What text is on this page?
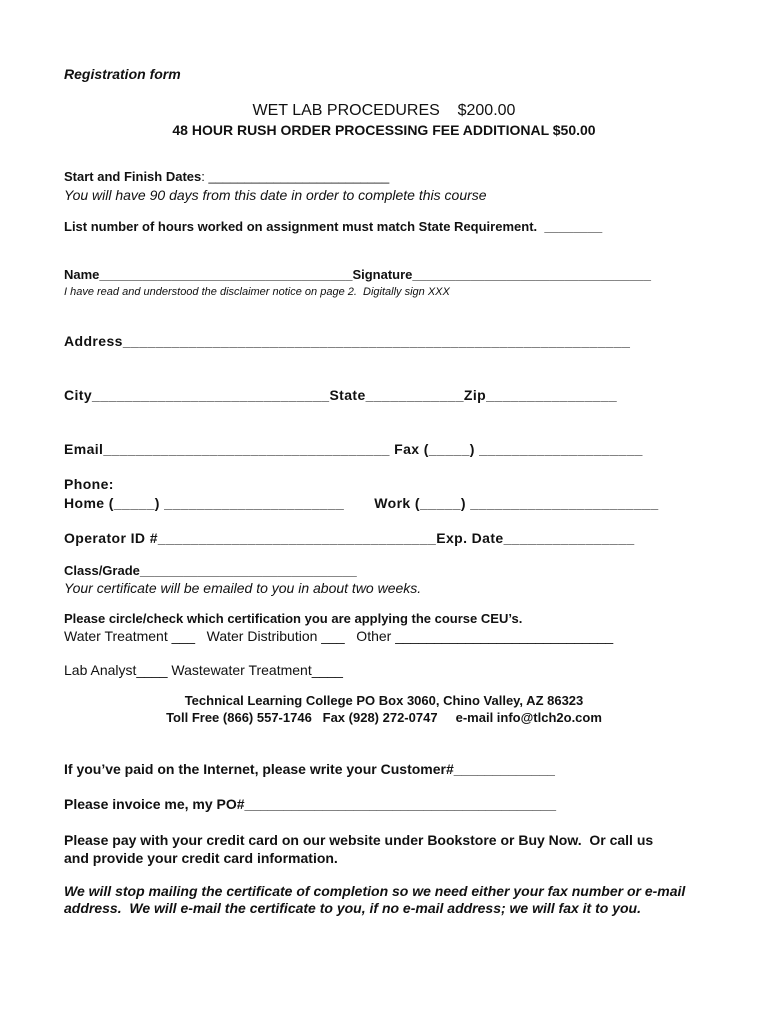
Registration form
WET LAB PROCEDURES    $200.00
48 HOUR RUSH ORDER PROCESSING FEE ADDITIONAL $50.00
Start and Finish Dates: _________________________
You will have 90 days from this date in order to complete this course
List number of hours worked on assignment must match State Requirement.  ________
Name___________________________________Signature_________________________________
I have read and understood the disclaimer notice on page 2.  Digitally sign XXX
Address______________________________________________________________
City_____________________________State____________Zip________________
Email___________________________________ Fax (_____) ____________________
Phone:
Home (_____) ______________________       Work (_____) _______________________
Operator ID #__________________________________Exp. Date________________
Class/Grade______________________________
Your certificate will be emailed to you in about two weeks.
Please circle/check which certification you are applying the course CEU’s.
Water Treatment ___   Water Distribution ___   Other ____________________________
Lab Analyst____ Wastewater Treatment____
Technical Learning College PO Box 3060, Chino Valley, AZ 86323
Toll Free (866) 557-1746   Fax (928) 272-0747     e-mail info@tlch2o.com
If you’ve paid on the Internet, please write your Customer#_____________
Please invoice me, my PO#________________________________________
Please pay with your credit card on our website under Bookstore or Buy Now.  Or call us
and provide your credit card information.
We will stop mailing the certificate of completion so we need either your fax number or e-mail
address.  We will e-mail the certificate to you, if no e-mail address; we will fax it to you.
